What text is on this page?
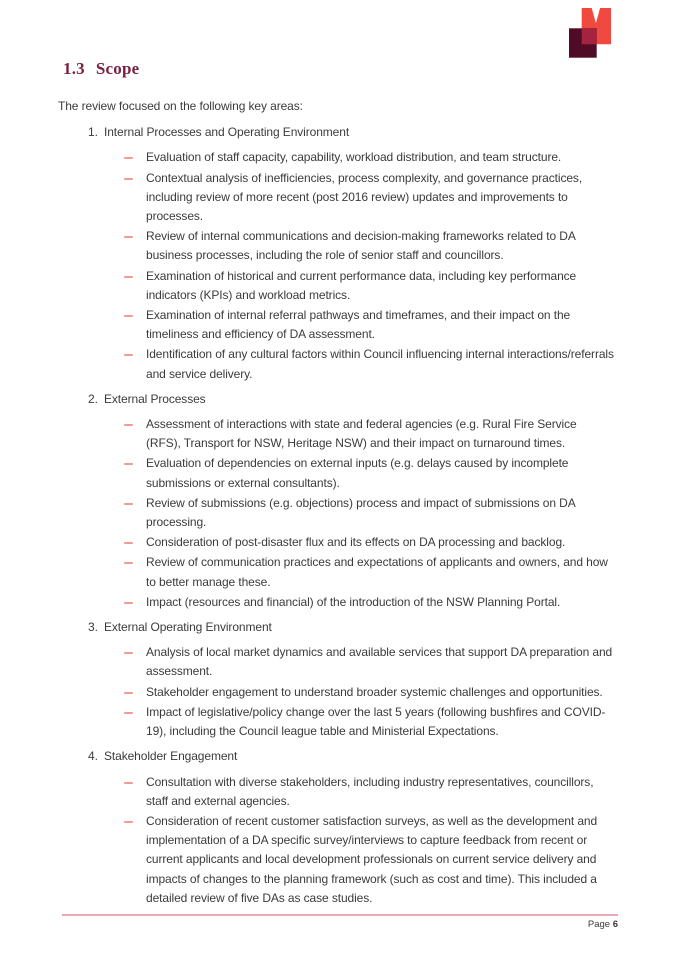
1.3 Scope

The review focused on the following key areas:

1. Internal Processes and Operating Environment
Evaluation of staff capacity, capability, workload distribution, and team structure.
Contextual analysis of inefficiencies, process complexity, and governance practices, including review of more recent (post 2016 review) updates and improvements to processes.
Review of internal communications and decision-making frameworks related to DA business processes, including the role of senior staff and councillors.
Examination of historical and current performance data, including key performance indicators (KPIs) and workload metrics.
Examination of internal referral pathways and timeframes, and their impact on the timeliness and efficiency of DA assessment.
Identification of any cultural factors within Council influencing internal interactions/referrals and service delivery.
2. External Processes
Assessment of interactions with state and federal agencies (e.g. Rural Fire Service (RFS), Transport for NSW, Heritage NSW) and their impact on turnaround times.
Evaluation of dependencies on external inputs (e.g. delays caused by incomplete submissions or external consultants).
Review of submissions (e.g. objections) process and impact of submissions on DA processing.
Consideration of post-disaster flux and its effects on DA processing and backlog.
Review of communication practices and expectations of applicants and owners, and how to better manage these.
Impact (resources and financial) of the introduction of the NSW Planning Portal.
3. External Operating Environment
Analysis of local market dynamics and available services that support DA preparation and assessment.
Stakeholder engagement to understand broader systemic challenges and opportunities.
Impact of legislative/policy change over the last 5 years (following bushfires and COVID-19), including the Council league table and Ministerial Expectations.
4. Stakeholder Engagement
Consultation with diverse stakeholders, including industry representatives, councillors, staff and external agencies.
Consideration of recent customer satisfaction surveys, as well as the development and implementation of a DA specific survey/interviews to capture feedback from recent or current applicants and local development professionals on current service delivery and impacts of changes to the planning framework (such as cost and time). This included a detailed review of five DAs as case studies.
Page 6
